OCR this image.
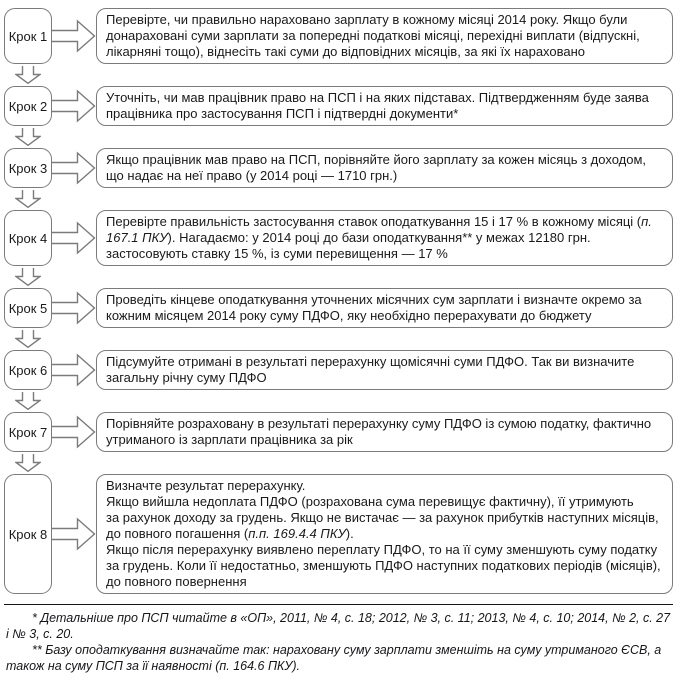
Крок 1
Перевірте, чи правильно нараховано зарплату в кожному місяці 2014 року. Якщо були донараховані суми зарплати за попередні податкові місяці, перехідні виплати (відпускні, лікарняні тощо), віднесіть такі суми до відповідних місяців, за які їх нараховано
Крок 2
Уточніть, чи мав працівник право на ПСП і на яких підставах. Підтвердженням буде заява працівника про застосування ПСП і підтвердні документи*
Крок 3
Якщо працівник мав право на ПСП, порівняйте його зарплату за кожен місяць з доходом, що надає на неї право (у 2014 році — 1710 грн.)
Крок 4
Перевірте правильність застосування ставок оподаткування 15 і 17 % в кожному місяці (п. 167.1 ПКУ). Нагадаємо: у 2014 році до бази оподаткування** у межах 12180 грн. застосовують ставку 15 %, із суми перевищення — 17 %
Крок 5
Проведіть кінцеве оподаткування уточнених місячних сум зарплати і визначте окремо за кожним місяцем 2014 року суму ПДФО, яку необхідно перерахувати до бюджету
Крок 6
Підсумуйте отримані в результаті перерахунку щомісячні суми ПДФО. Так ви визначите загальну річну суму ПДФО
Крок 7
Порівняйте розраховану в результаті перерахунку суму ПДФО із сумою податку, фактично утриманого із зарплати працівника за рік
Крок 8
Визначте результат перерахунку.
Якщо вийшла недоплата ПДФО (розрахована сума перевищує фактичну), її утримують
за рахунок доходу за грудень. Якщо не вистачає — за рахунок прибутків наступних місяців,
до повного погашення (п.п. 169.4.4 ПКУ).
Якщо після перерахунку виявлено переплату ПДФО, то на її суму зменшують суму податку
за грудень. Коли її недостатньо, зменшують ПДФО наступних податкових періодів (місяців),
до повного повернення

* Детальніше про ПСП читайте в «ОП», 2011, № 4, с. 18; 2012, № 3, с. 11; 2013, № 4, с. 10; 2014, № 2, с. 27 і № 3, с. 20.

** Базу оподаткування визначайте так: нараховану суму зарплати зменшіть на суму утриманого ЄСВ, а також на суму ПСП за її наявності (п. 164.6 ПКУ).
